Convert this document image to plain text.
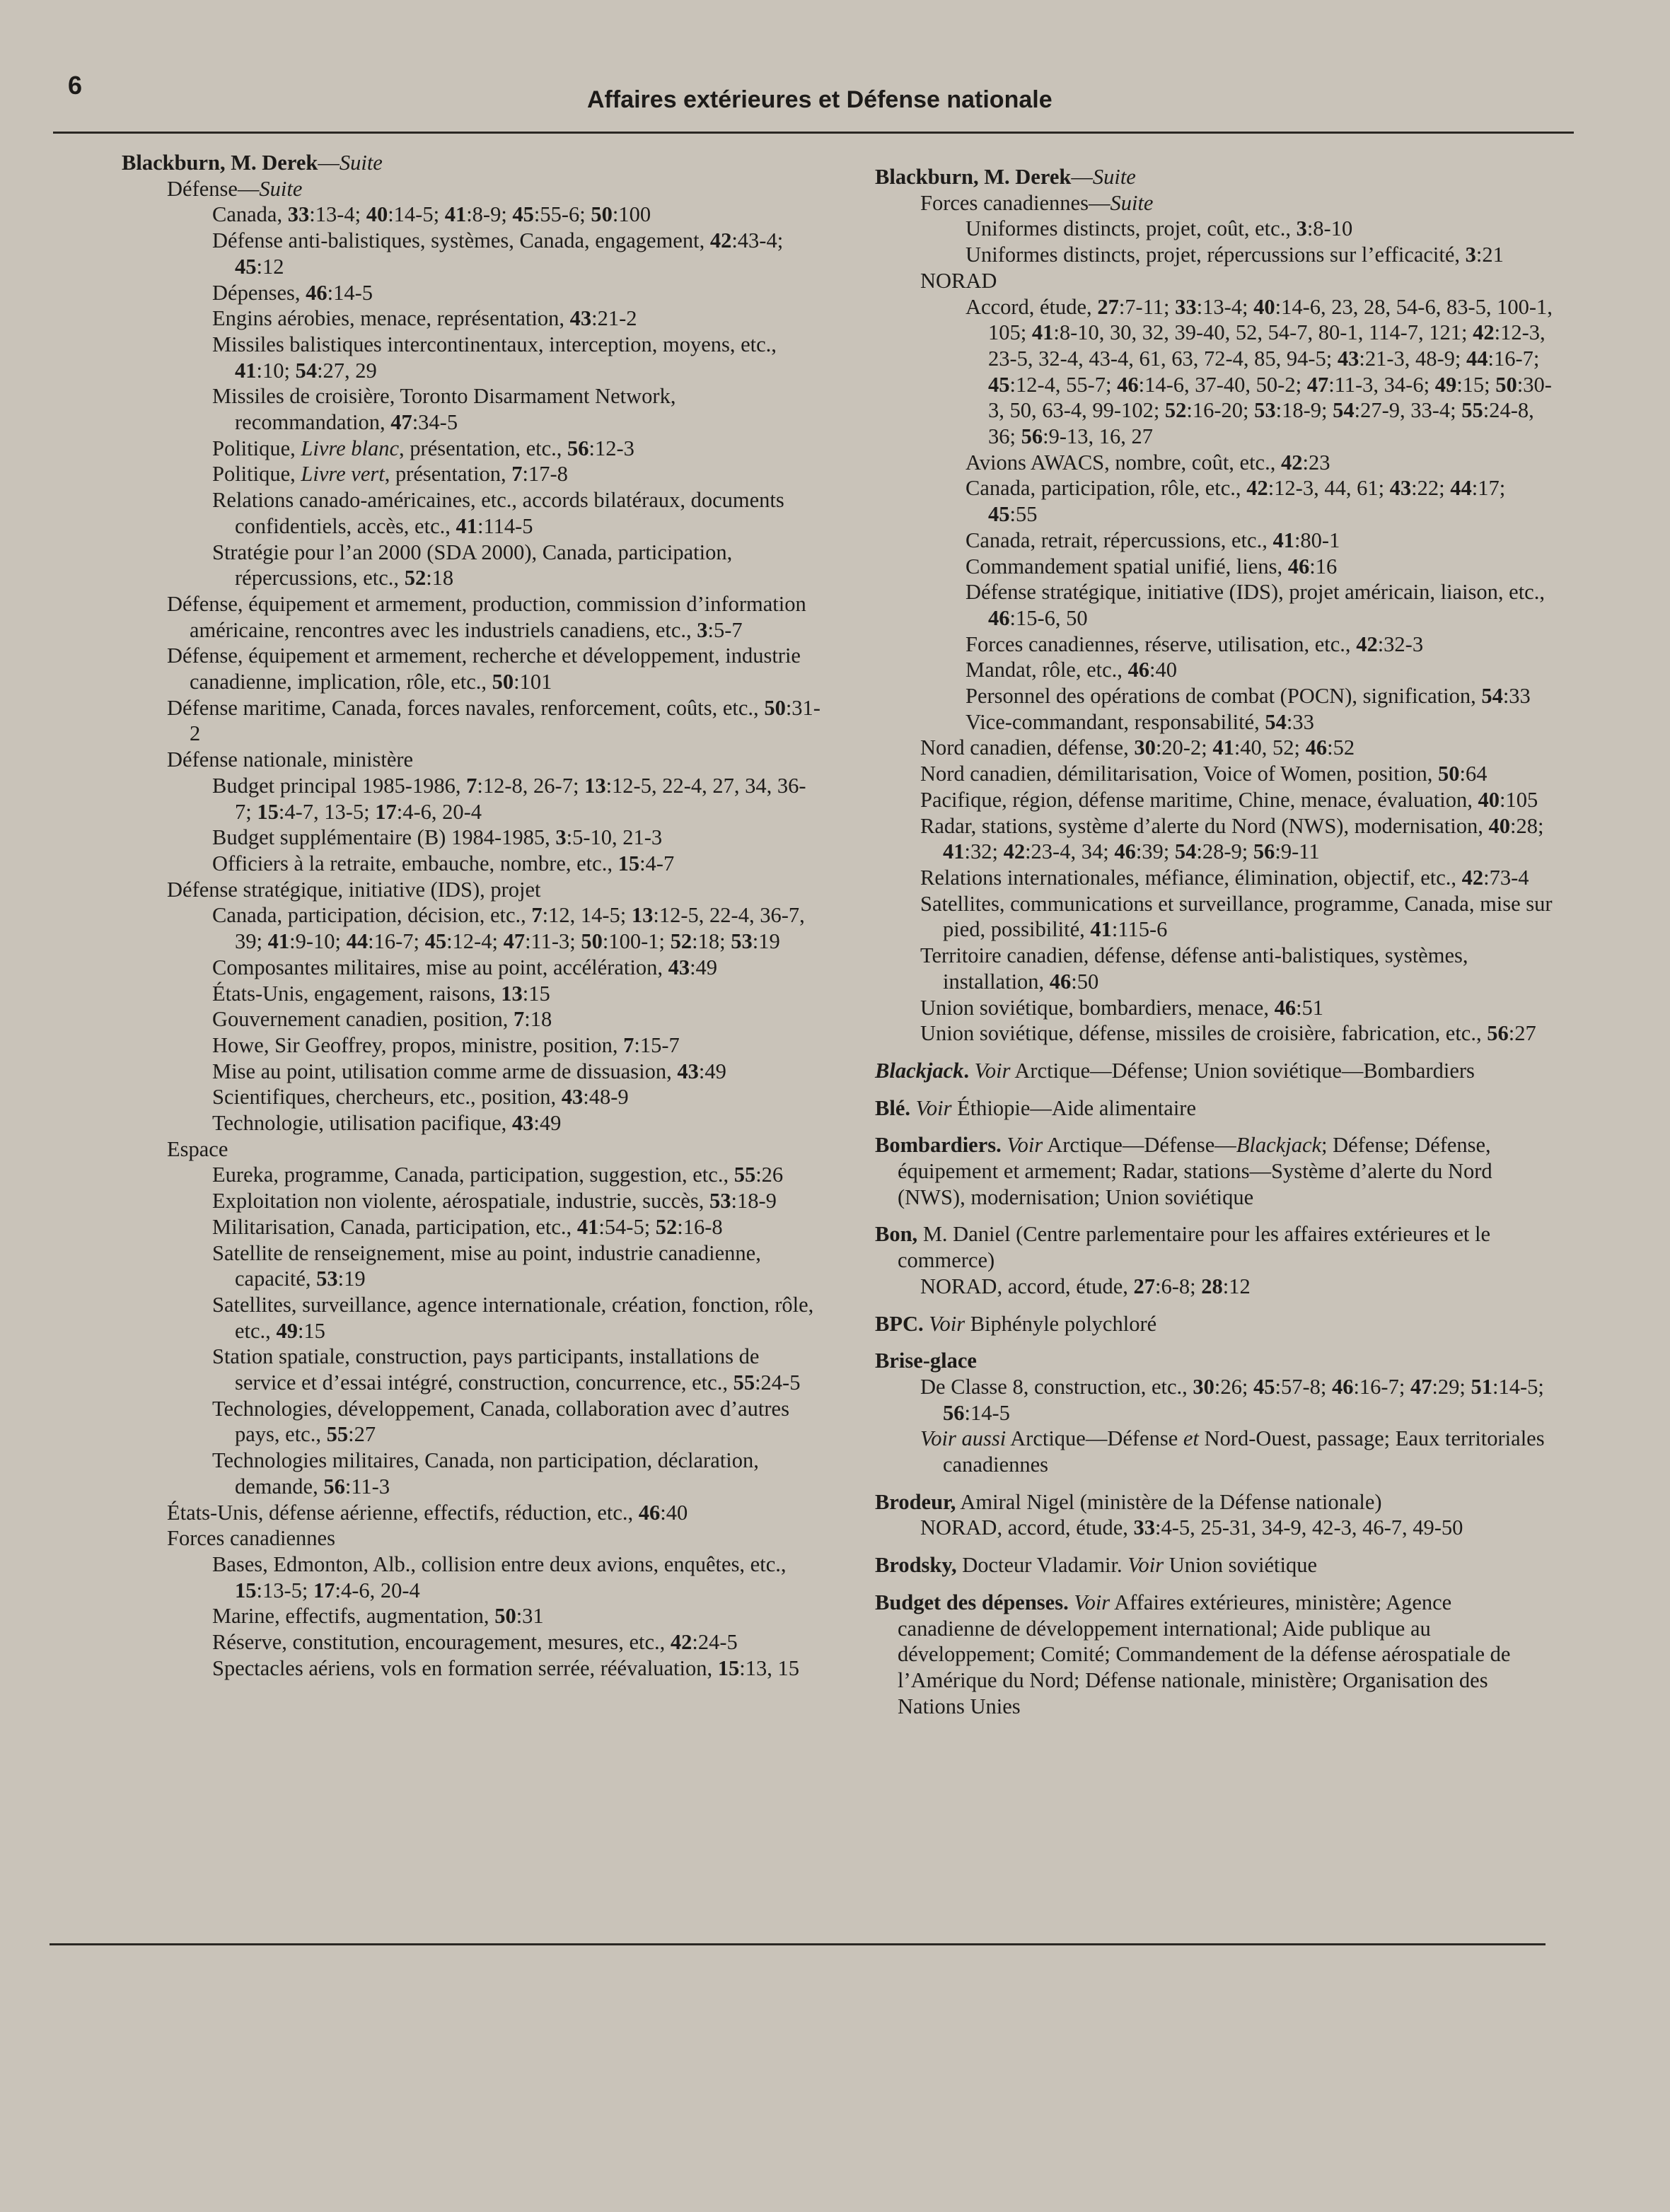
6	Affaires extérieures et Défense nationale

Blackburn, M. Derek—Suite

Défense—Suite

Canada, 33:13-4; 40:14-5; 41:8-9; 45:55-6; 50:100

Défense anti-balistiques, systèmes, Canada, engagement, 42:43-4; 45:12

Dépenses, 46:14-5

Engins aérobies, menace, représentation, 43:21-2

Missiles balistiques intercontinentaux, interception, moyens, etc., 41:10; 54:27, 29

Missiles de croisière, Toronto Disarmament Network, recommandation, 47:34-5

Politique, Livre blanc, présentation, etc., 56:12-3

Politique, Livre vert, présentation, 7:17-8

Relations canado-américaines, etc., accords bilatéraux, documents confidentiels, accès, etc., 41:114-5

Stratégie pour l’an 2000 (SDA 2000), Canada, participation, répercussions, etc., 52:18

Défense, équipement et armement, production, commission d’information américaine, rencontres avec les industriels canadiens, etc., 3:5-7

Défense, équipement et armement, recherche et développement, industrie canadienne, implication, rôle, etc., 50:101

Défense maritime, Canada, forces navales, renforcement, coûts, etc., 50:31-2

Défense nationale, ministère

Budget principal 1985-1986, 7:12-8, 26-7; 13:12-5, 22-4, 27, 34, 36-7; 15:4-7, 13-5; 17:4-6, 20-4

Budget supplémentaire (B) 1984-1985, 3:5-10, 21-3

Officiers à la retraite, embauche, nombre, etc., 15:4-7

Défense stratégique, initiative (IDS), projet

Canada, participation, décision, etc., 7:12, 14-5; 13:12-5, 22-4, 36-7, 39; 41:9-10; 44:16-7; 45:12-4; 47:11-3; 50:100-1; 52:18; 53:19

Composantes militaires, mise au point, accélération, 43:49

États-Unis, engagement, raisons, 13:15

Gouvernement canadien, position, 7:18

Howe, Sir Geoffrey, propos, ministre, position, 7:15-7

Mise au point, utilisation comme arme de dissuasion, 43:49

Scientifiques, chercheurs, etc., position, 43:48-9

Technologie, utilisation pacifique, 43:49

Espace

Eureka, programme, Canada, participation, suggestion, etc., 55:26

Exploitation non violente, aérospatiale, industrie, succès, 53:18-9

Militarisation, Canada, participation, etc., 41:54-5; 52:16-8

Satellite de renseignement, mise au point, industrie canadienne, capacité, 53:19

Satellites, surveillance, agence internationale, création, fonction, rôle, etc., 49:15

Station spatiale, construction, pays participants, installations de service et d’essai intégré, construction, concurrence, etc., 55:24-5

Technologies, développement, Canada, collaboration avec d’autres pays, etc., 55:27

Technologies militaires, Canada, non participation, déclaration, demande, 56:11-3

États-Unis, défense aérienne, effectifs, réduction, etc., 46:40

Forces canadiennes

Bases, Edmonton, Alb., collision entre deux avions, enquêtes, etc., 15:13-5; 17:4-6, 20-4

Marine, effectifs, augmentation, 50:31

Réserve, constitution, encouragement, mesures, etc., 42:24-5

Spectacles aériens, vols en formation serrée, réévaluation, 15:13, 15

Blackburn, M. Derek—Suite

Forces canadiennes—Suite

Uniformes distincts, projet, coût, etc., 3:8-10

Uniformes distincts, projet, répercussions sur l’efficacité, 3:21

NORAD

Accord, étude, 27:7-11; 33:13-4; 40:14-6, 23, 28, 54-6, 83-5, 100-1, 105; 41:8-10, 30, 32, 39-40, 52, 54-7, 80-1, 114-7, 121; 42:12-3, 23-5, 32-4, 43-4, 61, 63, 72-4, 85, 94-5; 43:21-3, 48-9; 44:16-7; 45:12-4, 55-7; 46:14-6, 37-40, 50-2; 47:11-3, 34-6; 49:15; 50:30-3, 50, 63-4, 99-102; 52:16-20; 53:18-9; 54:27-9, 33-4; 55:24-8, 36; 56:9-13, 16, 27

Avions AWACS, nombre, coût, etc., 42:23

Canada, participation, rôle, etc., 42:12-3, 44, 61; 43:22; 44:17; 45:55

Canada, retrait, répercussions, etc., 41:80-1

Commandement spatial unifié, liens, 46:16

Défense stratégique, initiative (IDS), projet américain, liaison, etc., 46:15-6, 50

Forces canadiennes, réserve, utilisation, etc., 42:32-3

Mandat, rôle, etc., 46:40

Personnel des opérations de combat (POCN), signification, 54:33

Vice-commandant, responsabilité, 54:33

Nord canadien, défense, 30:20-2; 41:40, 52; 46:52

Nord canadien, démilitarisation, Voice of Women, position, 50:64

Pacifique, région, défense maritime, Chine, menace, évaluation, 40:105

Radar, stations, système d’alerte du Nord (NWS), modernisation, 40:28; 41:32; 42:23-4, 34; 46:39; 54:28-9; 56:9-11

Relations internationales, méfiance, élimination, objectif, etc., 42:73-4

Satellites, communications et surveillance, programme, Canada, mise sur pied, possibilité, 41:115-6

Territoire canadien, défense, défense anti-balistiques, systèmes, installation, 46:50

Union soviétique, bombardiers, menace, 46:51

Union soviétique, défense, missiles de croisière, fabrication, etc., 56:27

Blackjack. Voir Arctique—Défense; Union soviétique—Bombardiers

Blé. Voir Éthiopie—Aide alimentaire

Bombardiers. Voir Arctique—Défense—Blackjack; Défense; Défense, équipement et armement; Radar, stations—Système d’alerte du Nord (NWS), modernisation; Union soviétique

Bon, M. Daniel (Centre parlementaire pour les affaires extérieures et le commerce)

NORAD, accord, étude, 27:6-8; 28:12

BPC. Voir Biphényle polychloré

Brise-glace

De Classe 8, construction, etc., 30:26; 45:57-8; 46:16-7; 47:29; 51:14-5; 56:14-5

Voir aussi Arctique—Défense et Nord-Ouest, passage; Eaux territoriales canadiennes

Brodeur, Amiral Nigel (ministère de la Défense nationale)

NORAD, accord, étude, 33:4-5, 25-31, 34-9, 42-3, 46-7, 49-50

Brodsky, Docteur Vladamir. Voir Union soviétique

Budget des dépenses. Voir Affaires extérieures, ministère; Agence canadienne de développement international; Aide publique au développement; Comité; Commandement de la défense aérospatiale de l’Amérique du Nord; Défense nationale, ministère; Organisation des Nations Unies
